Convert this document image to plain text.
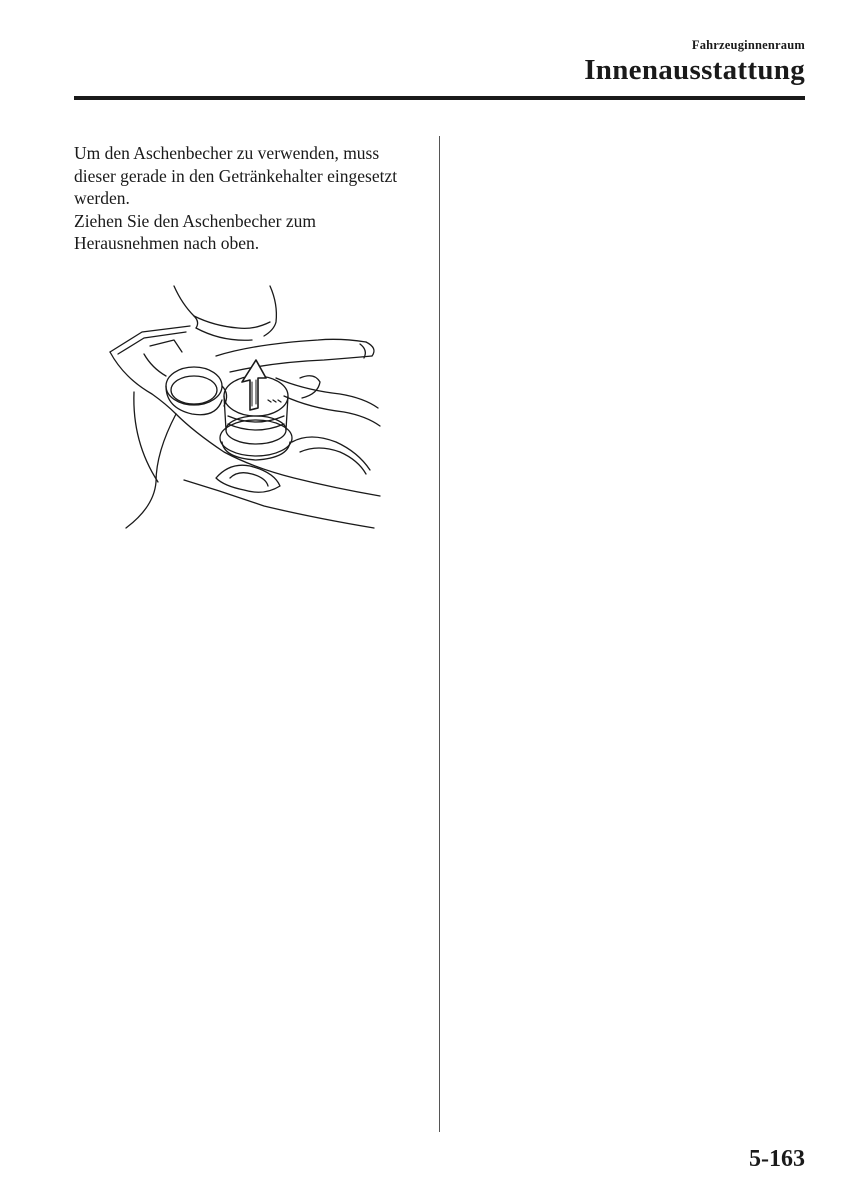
Fahrzeuginnenraum
Innenausstattung

Um den Aschenbecher zu verwenden, muss dieser gerade in den Getränkehalter eingesetzt werden.

Ziehen Sie den Aschenbecher zum Herausnehmen nach oben.

5-163
